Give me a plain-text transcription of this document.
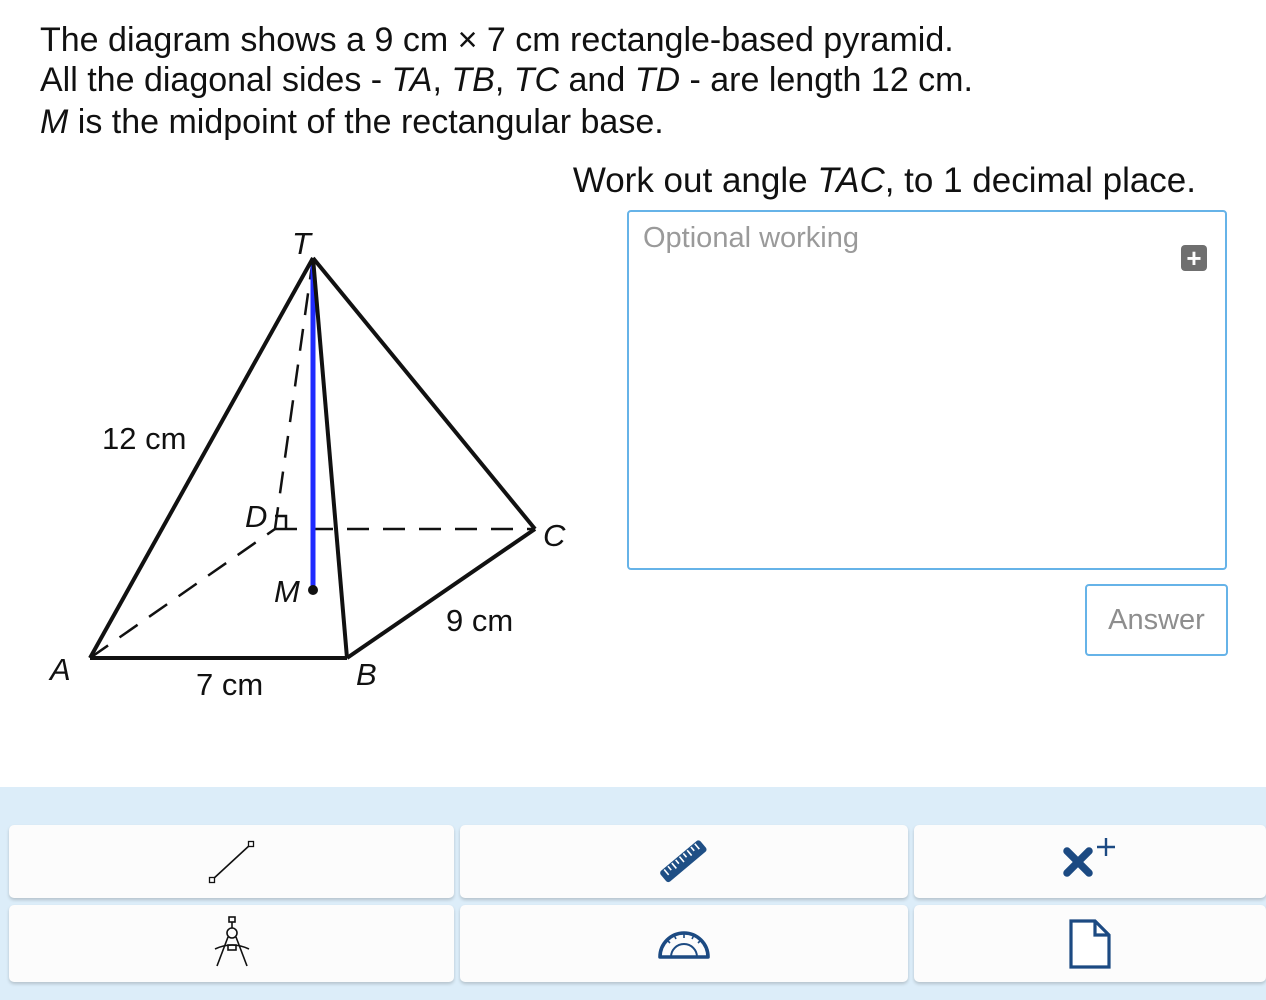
The diagram shows a 9 cm × 7 cm rectangle-based pyramid.
All the diagonal sides - TA, TB, TC and TD - are length 12 cm.
M is the midpoint of the rectangular base.
Work out angle TAC, to 1 decimal place.
T
A	B
C
D
M
12 cm
7 cm
9 cm
Optional working
+
Answer
